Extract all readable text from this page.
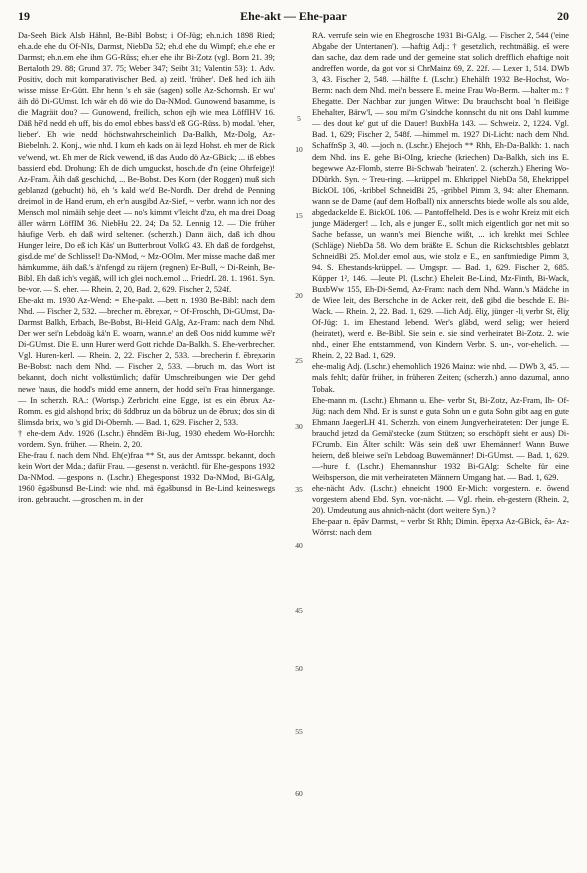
19	Ehe-akt — Ehe-paar	20

Da-Seeh Bick Alsb Hähnl, Be-Bibl Bobst; i Of-Jüg; eh.n.ich 1898 Ried; eh.a.de ehe du Of-NIs, Darmst, NiebDa 52; eh.d ehe du Wimpf; eh.e ehe er Darmst; eh.n.em ehe ihm GG-Rüss; eh.er ehe ihr Bi-Zotz (vgl. Born 21. 39; Bertaloth 29. 88; Grund 37. 75; Weber 347; Seibt 31; Valentin 53): 1. Adv. Positiv, doch mit komparativischer Bed. a) zeitl. 'früher'. Deß hed ich äih wisse misse Er-Gütt. Ehr henn 's eh säe (sagen) solle Az-Schornsh. Er wu' äih dö Di-GUmst. Ich wär eh dö wie do Da-NMod. Gunowend basamme, is die Magräit dou? — Gunowend, freilich, schon ejh wie mea LöffIHV 16. Däß hē'd nedd eh uff, bis do emol ebbes bass'd eß GG-Rüss. b) modal. 'eher, lieber'. Eh wie nedd höchstwahrscheinlich Da-Balkh, Mz-Dolg, Az-Biebelnh. 2. Konj., wie nhd. I kum eh kads on äi le̜zd Hohst. eh mer de Rick ve'wend, wt. Eh mer de Rick vewend, iß das Audo dö Az-GBick; ... iß ebbes bassierd ebd. Drohung: Eh de dich umguckst, hosch.de d'n (eine Ohrfeige)! Az-Fram. Äih daß geschichd, ... Be-Bobst. Des Korn (der Roggen) muß sich geblanzd (gebucht) hö, eh 's kald we'd Be-Nordh. Der drehd de Penning dreimol in de Hand erum, eh er'n ausgibd Az-Sief, ~ verbr. wann ich nor des Mensch mol nimäih sehje deet — no's kimmt v'leicht d'zu, eh ma drei Doag äller wärrn LöffIM 36. NiebHu 22. 24; Da 52. Lennig 12. — Die früher häufige Verb. eh daß wird seltener. (scherzh.) Dann äich, daß ich dhou Hunger leire, Do eß ich Käs' un Butterbrout VolkG 43. Eh daß de fordgehst, gisd.de me' de Schlissel! Da-NMod, ~ Mz-OOlm. Mer misse mache daß mer hämkumme, äih daß.'s ä'nfengd zu räjern (regnen) Er-Bull, ~ Di-Reinh, Be-Bibl. Eh daß ich's vegäß, will ich glei noch.emol ... FriedrL 28. 1. 1961. Syn. be-vor. — S. eher. — Rhein. 2, 20, Bad. 2, 629. Fischer 2, 524f.

Ehe-akt m. 1930 Az-Wend: = Ehe-pakt. —bett n. 1930 Be-Bibl: nach dem Nhd. — Fischer 2, 532. —brecher m. ēbre̜xər, ~ Of-Froschh, Di-GUmst, Da-Darmst Balkh, Erbach, Be-Bobst, Bi-Heid GAlg, Az-Fram: nach dem Nhd. Der wer sei'n Lebdoäg kä'n E. woarn, wann.e' an deß Oos nidd kumme wē'r Di-GUmst. Die E. unn Hurer werd Gott richde Da-Balkh. S. Ehe-verbrecher. Vgl. Huren-kerl. — Rhein. 2, 22. Fischer 2, 533. —brecherin f. ēbre̜xərin Be-Bobst: nach dem Nhd. — Fischer 2, 533. —bruch m. das Wort ist bekannt, doch nicht volkstümlich; dafür Umschreibungen wie Der gehd newe 'naus, die hodd's midd eme annern, der hodd sei'n Fraa hinnergange. — In scherzh. RA.: (Wortsp.) Zerbricht eine Egge, ist es ein ēbrux Az-Romm. es gid alsho̜nd brix; dö šddbruz un da bōbruz un de ēbrux; dos sin di šlimsdə brix, wo 's gid Di-Obernh. — Bad. 1, 629. Fischer 2, 533.

† ehe-dem Adv. 1926 (Lschr.) ēhndēm Bi-Jug, 1930 ehedem Wo-Horchh: vordem. Syn. früher. — Rhein. 2, 20.

Ehe-frau f. nach dem Nhd. Eh(e)fraa ** St, aus der Amtsspr. bekannt, doch kein Wort der Mda.; dafür Frau. —gesenst n. verächtl. für Ehe-gespons 1932 Da-NMod. —gespons n. (Lschr.) Ehegesponst 1932 Da-NMod, Bi-GAlg, 1960 ēgəšbunsd Be-Lind: wie nhd. mä ēgəšbunsd in Be-Lind keineswegs iron. gebraucht. —groschen m. in der

5
10
15
20
25
30
35
40
45
50
55
60

RA. verrufe sein wie en Ehegrosche 1931 Bi-GAlg. — Fischer 2, 544 ('eine Abgabe der Untertanen'). —haftig Adj.: † gesetzlich, rechtmäßig. eš were dan sache, daz dem rade und der gemeine stat solich drefflich ehaftige noit andreffen worde, da got vor si ChrMainz 69, Z. 22f. — Lexer 1, 514. DWb 3, 43. Fischer 2, 548. —hälfte f. (Lschr.) Ehehälft 1932 Be-Hochst, Wo-Berm: nach dem Nhd. mei'n bessere E. meine Frau Wo-Berm. —halter m.: † Ehegatte. Der Nachbar zur jungen Witwe: Du brauchscht boal 'n fleißige Ehehalter, Bärw'l, — sou mi'm G'sindche konnscht du nit ons Dahl kumme — des dout ke' gut uf die Dauer! BuxbHa 143. — Schweiz. 2, 1224. Vgl. Bad. 1, 629; Fischer 2, 548f. —himmel m. 1927 Di-Licht: nach dem Nhd. SchaffnSp 3, 40. —joch n. (Lschr.) Ehejoch ** Rhh, Eh-Da-Balkh: 1. nach dem Nhd. ins E. gehe Bi-OIng, krieche (kriechen) Da-Balkh, sich ins E. begewwe Az-Flomb, sterre Bi-Schwab 'heiraten'. 2. (scherzh.) Ehering Wo-DDürkh. Syn. ~ Treu-ring. —krüppel m. Ehkrippel NiebDa 58, Ehekrippel BickOL 106, -kribbel SchneidBi 25, -gribbel Pimm 3, 94: alter Ehemann. wann se de Dame (auf dem Hofball) nix annerschts biede wolle als sou alde, abgedackelde E. BickOL 106. — Pantoffelheld. Des is e wohr Kreiz mit eich junge Mäderger! ... Ich, als e junger E., sollt mich eigentlich gor net mit so Sache befasse, un wann's mei Bienche wißt, ... ich krehkt mei Schlee (Schläge) NiebDa 58. Wo dem bräßte E. Schun die Rickschtsbles geblatzt SchneidBi 25. Mol.der emol aus, wie stolz e E., en sanftmiedige Pimm 3, 94. S. Ehestands-krüppel. — Umgspr. — Bad. 1, 629. Fischer 2, 685. Küpper 1², 146. —leute Pl. (Lschr.) Eheleit Be-Lind, Mz-Finth, Bi-Wack, BuxbWw 155, Eh-Di-Semd, Az-Fram: nach dem Nhd. Wann.'s Mädche in de Wiee leit, des Berschche in de Acker reit, deß gibd die beschde E. Bi-Wack. — Rhein. 2, 22. Bad. 1, 629. —lich Adj. ēli̜χ, jünger -li̜ verbr St, ēli̜χ Of-Jüg: 1. im Ehestand lebend. Wer's gläbd, werd selig; wer heierd (heiratet), werd e. Be-Bibl. Sie sein e. sie sind verheiratet Bi-Zotz. 2. wie nhd., einer Ehe entstammend, von Kindern Verbr. S. un-, vor-ehelich. — Rhein. 2, 22 Bad. 1, 629.

ehe-malig Adj. (Lschr.) ehemohlich 1926 Mainz: wie nhd. — DWb 3, 45. —mals fehlt; dafür früher, in früheren Zeiten; (scherzh.) anno dazumal, anno Tobak.

Ehe-mann m. (Lschr.) Ehmann u. Ehe- verbr St, Bi-Zotz, Az-Fram, Ih- Of-Jüg: nach dem Nhd. Er is sunst e guta Sohn un e guta Sohn gibt aag en gute Ehmann JaegerLH 41. Scherzh. von einem Jungverheirateten: Der junge E. brauchd jetzd da Gemä'stecke (zum Stützen; so erschöpft sieht er aus) Di-FCrumb. Ein Älter schilt: Wäs sein deß uwr Ehemänner! Wann Buwe heiern, deß bleiwe sei'n Lebdoag Buwemänner! Di-GUmst. — Bad. 1, 629. —-hure f. (Lschr.) Ehemannshur 1932 Bi-GAlg: Schelte für eine Weibsperson, die mit verheirateten Männern Umgang hat. — Bad. 1, 629.

ehe-nächt Adv. (Lschr.) ehneicht 1900 Er-Mich: vorgestern. e. ōwend vorgestern abend Ebd. Syn. vor-nächt. — Vgl. rhein. eh-gestern (Rhein. 2, 20). Umdeutung aus ahnich-nächt (dort weitere Syn.) ?

Ehe-paar n. ēpāv Darmst, ~ verbr St Rhh; Dimin. ēpe̜rxə Az-GBick, ēə- Az-Wörrst: nach dem
